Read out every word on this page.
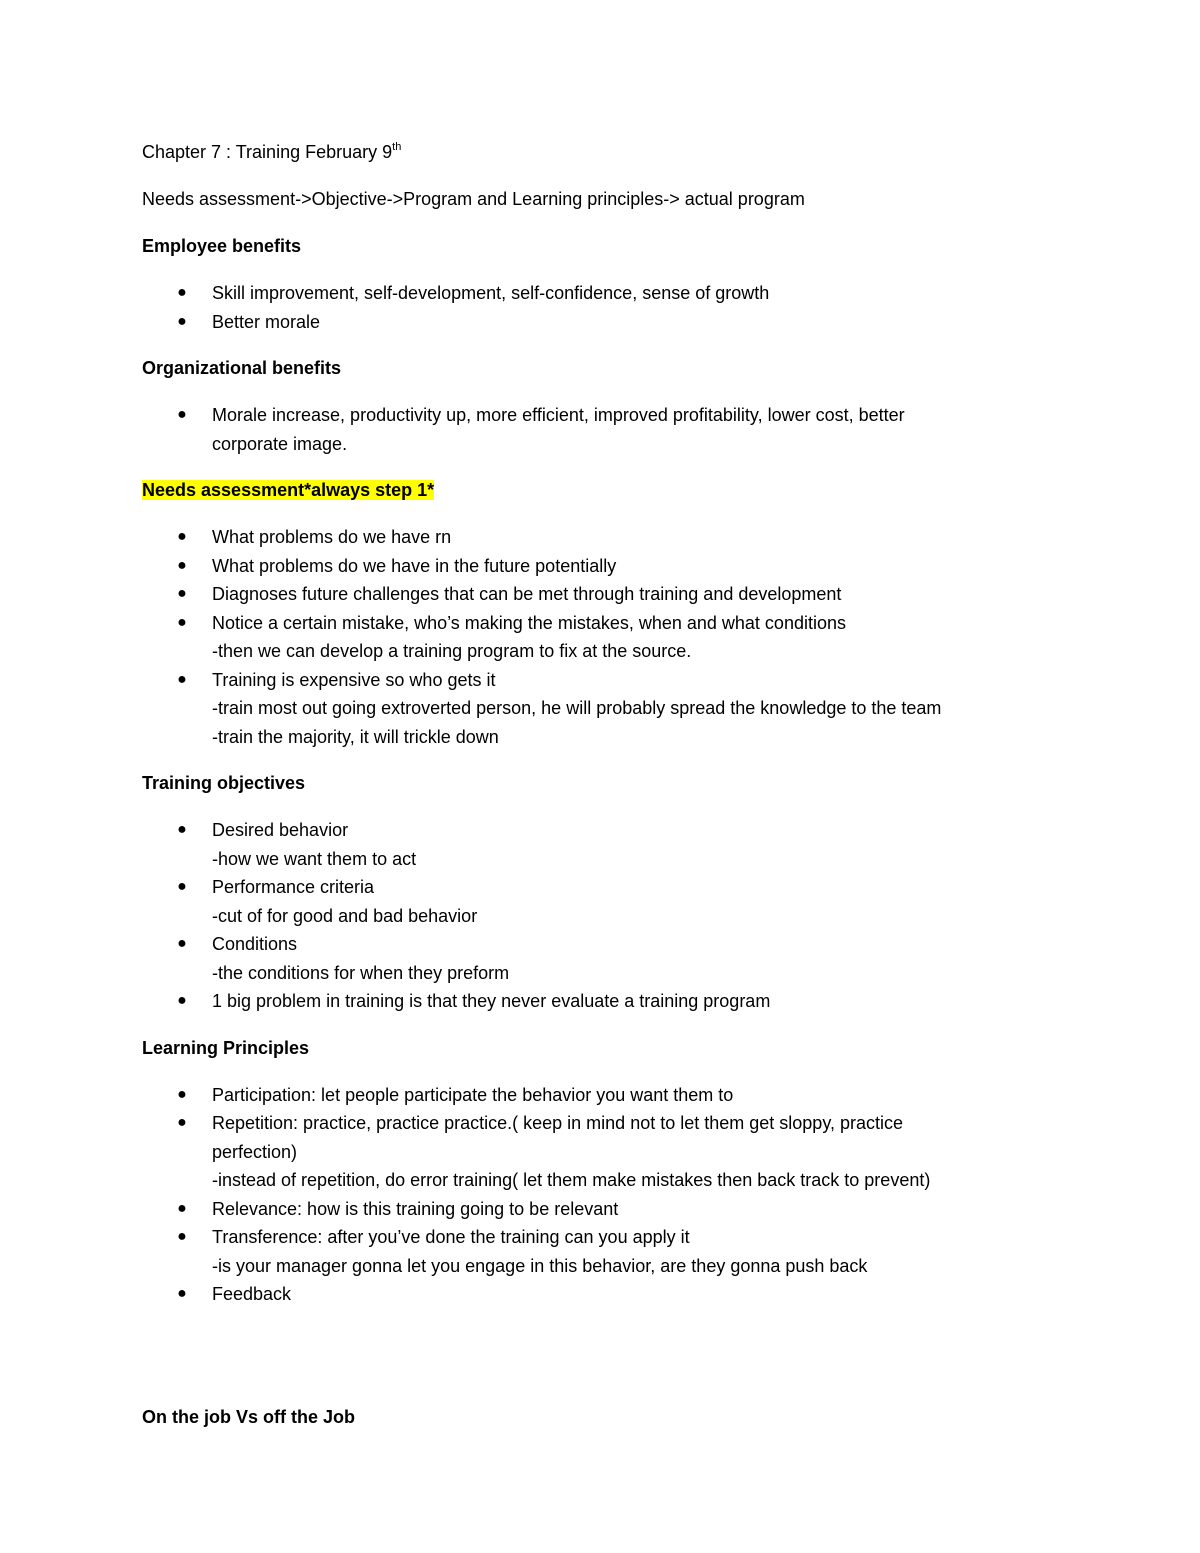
Chapter 7 : Training February 9th

Needs assessment->Objective->Program and Learning principles-> actual program

Employee benefits

● Skill improvement, self-development, self-confidence, sense of growth
● Better morale

Organizational benefits

● Morale increase, productivity up, more efficient, improved profitability, lower cost, better
corporate image.

Needs assessment*always step 1*

● What problems do we have rn
● What problems do we have in the future potentially
● Diagnoses future challenges that can be met through training and development
● Notice a certain mistake, who’s making the mistakes, when and what conditions
-then we can develop a training program to fix at the source.
● Training is expensive so who gets it
-train most out going extroverted person, he will probably spread the knowledge to the team
-train the majority, it will trickle down

Training objectives

● Desired behavior
-how we want them to act
● Performance criteria
-cut of for good and bad behavior
● Conditions
-the conditions for when they preform
● 1 big problem in training is that they never evaluate a training program

Learning Principles

● Participation: let people participate the behavior you want them to
● Repetition: practice, practice practice.( keep in mind not to let them get sloppy, practice
perfection)
-instead of repetition, do error training( let them make mistakes then back track to prevent)
● Relevance: how is this training going to be relevant
● Transference: after you’ve done the training can you apply it
-is your manager gonna let you engage in this behavior, are they gonna push back
● Feedback

On the job Vs off the Job
